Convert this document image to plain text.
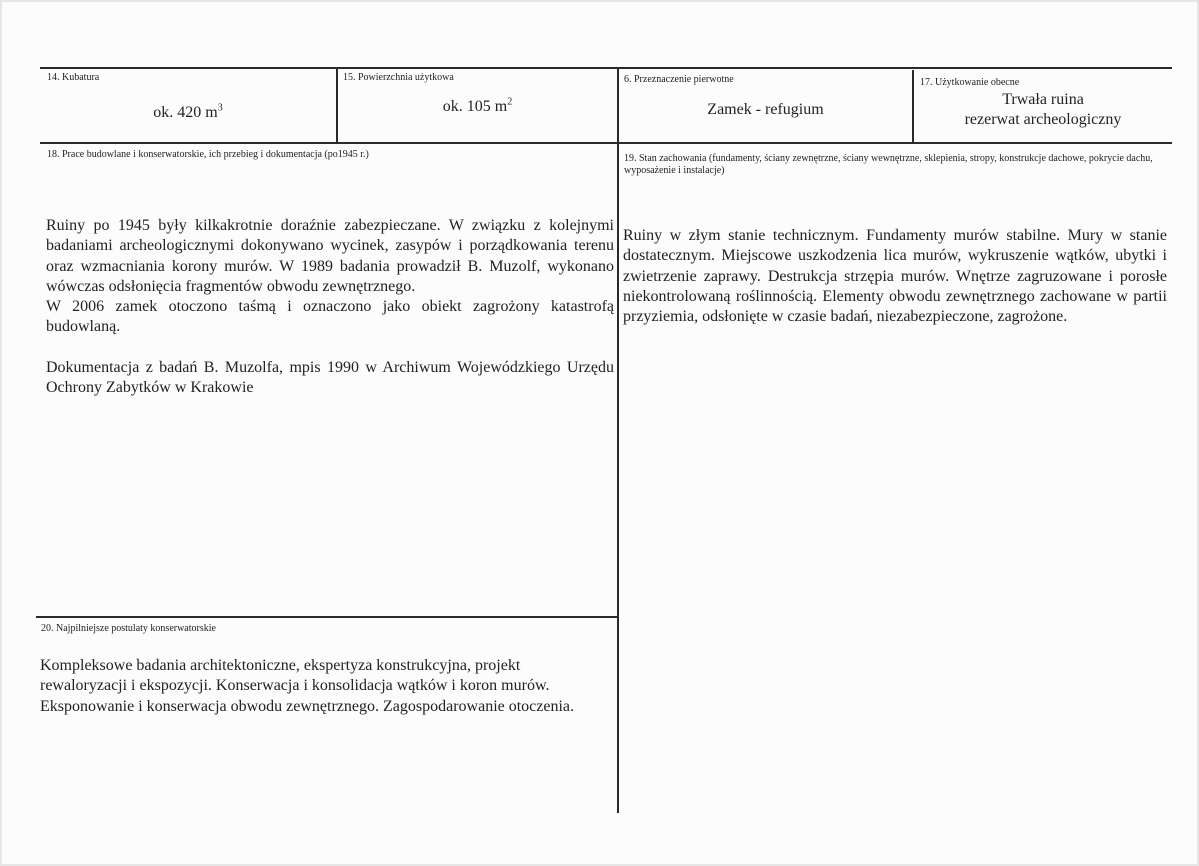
14. Kubatura
ok. 420 $m^3$
15. Powierzchnia użytkowa
ok. 105 $m^2$
6. Przeznaczenie pierwotne
Zamek - refugium
17. Użytkowanie obecne
Trwała ruina
rezerwat archeologiczny
18. Prace budowlane i konserwatorskie, ich przebieg i dokumentacja (po1945 r.)

Ruiny po 1945 były kilkakrotnie doraźnie zabezpieczane. W związku z kolejnymi badaniami archeologicznymi dokonywano wycinek, zasypów i porządkowania terenu oraz wzmacniania korony murów. W 1989 badania prowadził B. Muzolf, wykonano wówczas odsłonięcia fragmentów obwodu zewnętrznego.

W 2006 zamek otoczono taśmą i oznaczono jako obiekt zagrożony katastrofą budowlaną.

Dokumentacja z badań B. Muzolfa, mpis 1990 w Archiwum Wojewódzkiego Urzędu Ochrony Zabytków w Krakowie

19. Stan zachowania (fundamenty, ściany zewnętrzne, ściany wewnętrzne, sklepienia, stropy, konstrukcje dachowe, pokrycie dachu, wyposażenie i instalacje)

Ruiny w złym stanie technicznym. Fundamenty murów stabilne. Mury w stanie dostatecznym. Miejscowe uszkodzenia lica murów, wykruszenie wątków, ubytki i zwietrzenie zaprawy. Destrukcja strzępia murów. Wnętrze zagruzowane i porosłe niekontrolowaną roślinnością. Elementy obwodu zewnętrznego zachowane w partii przyziemia, odsłonięte w czasie badań, niezabezpieczone, zagrożone.

20. Najpilniejsze postulaty konserwatorskie

Kompleksowe badania architektoniczne, ekspertyza konstrukcyjna, projekt rewaloryzacji i ekspozycji. Konserwacja i konsolidacja wątków i koron murów. Eksponowanie i konserwacja obwodu zewnętrznego. Zagospodarowanie otoczenia.
